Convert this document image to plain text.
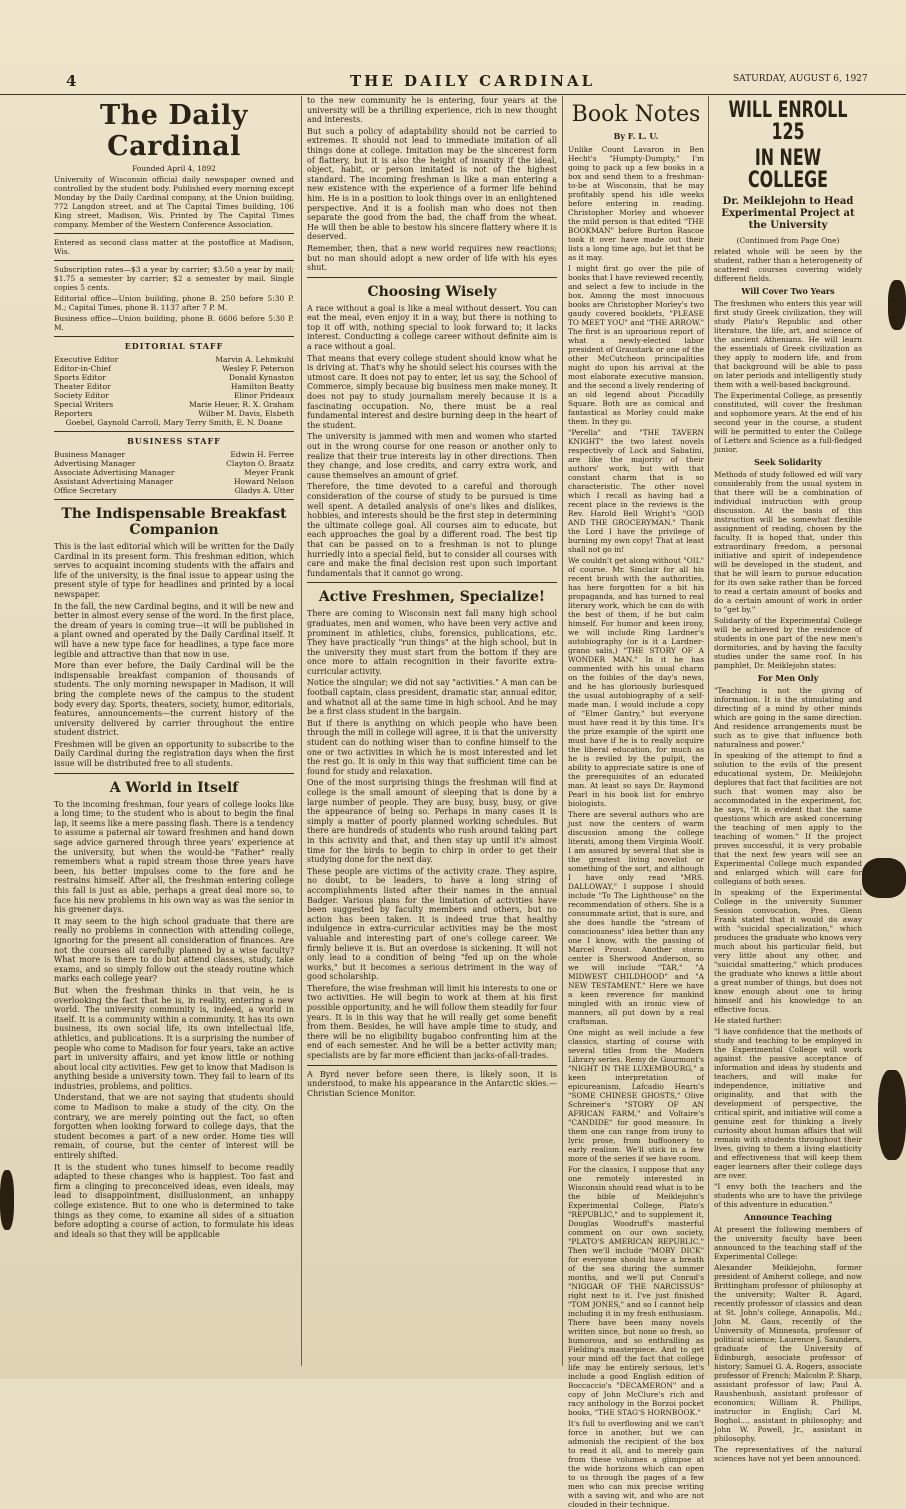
4	THE DAILY CARDINAL	SATURDAY, AUGUST 6, 1927
The Daily Cardinal

Founded April 4, 1892

University of Wisconsin official daily newspaper owned and controlled by the student body. Published every morning except Monday by the Daily Cardinal company, at the Union building, 772 Langdon street, and at The Capital Times building, 106 King street, Madison, Wis. Printed by The Capital Times company. Member of the Western Conference Association.

Entered as second class matter at the postoffice at Madison, Wis.

Subscription rates—$3 a year by carrier; $3.50 a year by mail; $1.75 a semester by carrier; $2 a semester by mail. Single copies 5 cents.

Editorial office—Union building, phone B. 250 before 5:30 P. M.; Capital Times, phone B. 1137 after 7 P. M.

Business office—Union building, phone B. 6606 before 5:30 P. M.

EDITORIAL STAFF
Executive Editor	Marvin A. Lehmkuhl
Editor-in-Chief	Wesley F. Peterson
Sports Editor	Donald Kynaston
Theater Editor	Hamilton Beatty
Society Editor	Elinor Prideaux
Special Writers	Marie Heuer, R. X. Graham
Reporters	Wilber M. Davis, Elsbeth
Goebel, Gaynold Carroll, Mary Terry Smith, E. N. Doane
BUSINESS STAFF
Business Manager	Edwin H. Ferree
Advertising Manager	Clayton O. Braatz
Associate Advertising Manager	Meyer Frank
Assistant Advertising Manager	Howard Nelson
Office Secretary	Gladys A. Utter
The Indispensable Breakfast Companion

This is the last editorial which will be written for the Daily Cardinal in its present form. This freshman edition, which serves to acquaint incoming students with the affairs and life of the university, is the final issue to appear using the present style of type for headlines and printed by a local newspaper.

In the fall, the new Cardinal begins, and it will be new and better in almost every sense of the word. In the first place, the dream of years is coming true—it will be published in a plant owned and operated by the Daily Cardinal itself. It will have a new type face for headlines, a type face more legible and attractive than that now in use.

More than ever before, the Daily Cardinal will be the indispensable breakfast companion of thousands of students. The only morning newspaper in Madison, it will bring the complete news of the campus to the student body every day. Sports, theaters, society, humor, editorials, features, announcements—the current history of the university delivered by carrier throughout the entire student district.

Freshmen will be given an opportunity to subscribe to the Daily Cardinal during the registration days when the first issue will be distributed free to all students.

A World in Itself

To the incoming freshman, four years of college looks like a long time; to the student who is about to begin the final lap, it seems like a mere passing flash. There is a tendency to assume a paternal air toward freshmen and hand down sage advice garnered through three years' experience at the university, but when the would-be "Father" really remembers what a rapid stream those three years have been, his better impulses come to the fore and he restrains himself. After all, the freshman entering college this fall is just as able, perhaps a great deal more so, to face his new problems in his own way as was the senior in his greener days.

It may seem to the high school graduate that there are really no problems in connection with attending college, ignoring for the present all consideration of finances. Are not the courses all carefully planned by a wise faculty? What more is there to do but attend classes, study, take exams, and so simply follow out the steady routine which marks each college year?

But when the freshman thinks in that vein, he is overlooking the fact that he is, in reality, entering a new world. The university community is, indeed, a world in itself. It is a community within a community. It has its own business, its own social life, its own intellectual life, athletics, and publications. It is a surprising the number of people who come to Madison for four years, take an active part in university affairs, and yet know little or nothing about local city activities. Few get to know that Madison is anything beside a university town. They fail to learn of its industries, problems, and politics.

Understand, that we are not saying that students should come to Madison to make a study of the city. On the contrary, we are merely pointing out the fact, so often forgotten when looking forward to college days, that the student becomes a part of a new order. Home ties will remain, of course, but the center of interest will be entirely shifted.

It is the student who tunes himself to become readily adapted to these changes who is happiest. Too fast and firm a clinging to preconceived ideas, even ideals, may lead to disappointment, disillusionment, an unhappy college existence. But to one who is determined to take things as they come, to examine all sides of a situation before adopting a course of action, to formulate his ideas and ideals so that they will be applicable

to the new community he is entering, four years at the university will be a thrilling experience, rich in new thought and interests.

But such a policy of adaptability should not be carried to extremes. It should not lead to immediate imitation of all things done at college. Imitation may be the sincerest form of flattery, but it is also the height of insanity if the ideal, object, habit, or person imitated is not of the highest standard. The incoming freshman is like a man entering a new existence with the experience of a former life behind him. He is in a position to look things over in an enlightened perspective. And it is a foolish man who does not then separate the good from the bad, the chaff from the wheat. He will then be able to bestow his sincere flattery where it is deserved.

Remember, then, that a new world requires new reactions; but no man should adopt a new order of life with his eyes shut.

Choosing Wisely

A race without a goal is like a meal without dessert. You can eat the meal, even enjoy it in a way, but there is nothing to top it off with, nothing special to look forward to; it lacks interest. Conducting a college career without definite aim is a race without a goal.

That means that every college student should know what he is driving at. That's why he should select his courses with the utmost care. It does not pay to enter, let us say, the School of Commerce, simply because big business men make money. It does not pay to study journalism merely because it is a fascinating occupation. No, there must be a real fundamental interest and desire burning deep in the heart of the student.

The university is jammed with men and women who started out in the wrong course for one reason or another only to realize that their true interests lay in other directions. Then they change, and lose credits, and carry extra work, and cause themselves an amount of grief.

Therefore, the time devoted to a careful and thorough consideration of the course of study to be pursued is time well spent. A detailed analysis of one's likes and dislikes, hobbies, and interests should be the first step in determining the ultimate college goal. All courses aim to educate, but each approaches the goal by a different road. The best tip that can be passed on to a freshman is not to plunge hurriedly into a special field, but to consider all courses with care and make the final decision rest upon such important fundamentals that it cannot go wrong.

Active Freshmen, Specialize!

There are coming to Wisconsin next fall many high school graduates, men and women, who have been very active and prominent in athletics, clubs, forensics, publications, etc. They have practically "run things" at the high school, but in the university they must start from the bottom if they are once more to attain recognition in their favorite extra-curricular activity.

Notice the singular; we did not say "activities." A man can be football captain, class president, dramatic star, annual editor, and whatnot all at the same time in high school. And he may be a first class student in the bargain.

But if there is anything on which people who have been through the mill in college will agree, it is that the university student can do nothing wiser than to confine himself to the one or two activities in which he is most interested and let the rest go. It is only in this way that sufficient time can be found for study and relaxation.

One of the most surprising things the freshman will find at college is the small amount of sleeping that is done by a large number of people. They are busy, busy, busy, or give the appearance of being so. Perhaps in many cases it is simply a matter of poorly planned working schedules. But there are hundreds of students who rush around taking part in this activity and that, and then stay up until it's almost time for the birds to begin to chirp in order to get their studying done for the next day.

These people are victims of the activity craze. They aspire, no doubt, to be leaders, to have a long string of accomplishments listed after their names in the annual Badger. Various plans for the limitation of activities have been suggested by faculty members and others, but no action has been taken. It is indeed true that healthy indulgence in extra-curricular activities may be the most valuable and interesting part of one's college career. We firmly believe it is. But an overdose is sickening. It will not only lead to a condition of being "fed up on the whole works," but it becomes a serious detriment in the way of good scholarship.

Therefore, the wise freshman will limit his interests to one or two activities. He will begin to work at them at his first possible opportunity, and he will follow them steadily for four years. It is in this way that he will really get some benefit from them. Besides, he will have ample time to study, and there will be no eligibility bugaboo confronting him at the end of each semester. And he will be a better activity man; specialists are by far more efficient than jacks-of-all-trades.

A Byrd never before seen there, is likely soon, it is understood, to make his appearance in the Antarctic skies.—Christian Science Monitor.

Book Notes
By F. L. U.

Unlike Count Lavaron in Ben Hecht's "Humpty-Dumpty," I'm going to pack up a few books in a box and send them to a freshman-to-be at Wisconsin, that he may profitably spend his idle weeks before entering in reading. Christopher Morley and whoever the mild person is that edited "THE BOOKMAN" before Burton Rascoe took it over have made out their lists a long time ago, but let that be as it may.

I might first go over the pile of books that I have reviewed recently, and select a few to include in the box. Among the most innocuous books are Christopher Morley's two gaudy covered booklets, "PLEASE TO MEET YOU" and "THE ARROW." The first is an uproarious report of what a newly-elected labor president of Graustark or one of the other McCutcheon principalities might do upon his arrival at the most elaborate executive mansion, and the second a lively rendering of an old legend about Piccadilly Square. Both are as comical and fantastical as Morley could make them. In they go.

"Perella" and "THE TAVERN KNIGHT" the two latest novels respectively of Lock and Sabatini, are like the majority of their authors' work, but with that constant charm that is so characteristic. The other novel which I recall as having had a recent place in the reviews is the Rev. Harold Bell Wright's "GOD AND THE GROCERYMAN." Thank the Lord I have the privilege of burning my own copy! That at least shall not go in!

We couldn't get along without "OIL" of course. Mr. Sinclair for all his recent brush with the authorities, has here forgotten for a bit his propaganda, and has turned to real literary work, which he can do with the best of them, if he but calm himself. For humor and keen irony, we will include Ring Lardner's autobiography (or is it a Lardner-grano salis,) "THE STORY OF A WONDER MAN." In it he has commented with his usual charm on the foibles of the day's news, and he has gloriously burlesqued the usual autobiography of a self-made man. I would include a copy of "Elmer Gantry," but everyone must have read it by this time. It's the prize example of the spirit one must have if he is to really acquire the liberal education, for much as he is reviled by the pulpit, the ability to appreciate satire is one of the prerequisites of an educated man. At least so says Dr. Raymond Pearl in his book list for embryo biologists.

There are several authors who are just now the centers of warm discussion among the college literati, among them Virginia Woolf. I am assured by several that she is the greatest living novelist or something of the sort, and although I have only read "MRS. DALLOWAY," I suppose I should include "To The Lighthouse" on the recommendation of others. She is a consummate artist, that is sure, and she does handle the "stream of consciousness" idea better than any one I know, with the passing of Marcel Proust. Another storm center is Sherwood Anderson, so we will include "TAR," "A MIDWEST CHILDHOOD" and "A NEW TESTAMENT." Here we have a keen reverence for mankind mingled with an ironic view of manners, all put down by a real craftsman.

One might as well include a few classics, starting of course with several titles from the Modern Library series. Remy de Gourmont's "NIGHT IN THE LUXEMBOURG," a keen interpretation of epicureanism, Lafcadio Hearn's "SOME CHINESE GHOSTS," Olive Schreiner's "STORY OF AN AFRICAN FARM," and Voltaire's "CANDIDE" for good measure. In them one can range from irony to lyric prose, from buffoonery to early realism. We'll stick in a few more of the series if we have room.

For the classics, I suppose that any one remotely interested in Wisconsin should read what is to be the bible of Meiklejohn's Experimental College, Plato's "REPUBLIC," and to supplement it, Douglas Woodruff's masterful comment on our own society, "PLATO'S AMERICAN REPUBLIC." Then we'll include "MOBY DICK" for everyone should have a breath of the sea during the summer months, and we'll put Conrad's "NIGGAR OF THE NARCISSUS" right next to it. I've just finished "TOM JONES," and so I cannot help including it in my fresh enthusiasm. There have been many novels written since, but none so fresh, so humorous, and so enthralling as Fielding's masterpiece. And to get your mind off the fact that college life may be entirely serious, let's include a good English edition of Boccaccio's "DECAMERON" and a copy of John McClure's rich and racy anthology in the Borzoi pocket books, "THE STAG'S HORNBOOK."

It's full to overflowing and we can't force in another, but we can admonish the recipient of the box to read it all, and to merely gain from these volumes a glimpse at the wide horizons which can open to us through the pages of a few men who can mix precise writing with a saving wit, and who are not clouded in their technique.

WILL ENROLL 125
IN NEW COLLEGE
Dr. Meiklejohn to Head Experimental Project at the University

(Continued from Page One)

related whole will be seen by the student, rather than a heterogeneity of scattered courses covering widely different fields.

Will Cover Two Years

The freshmen who enters this year will first study Greek civilization, they will study Plato's Republic and other literature, the life, art, and science of the ancient Athenians. He will learn the essentials of Greek civilization as they apply to modern life, and from that background will be able to pass on later periods and intelligently study them with a well-based background.

The Experimental College, as presently constituted, will cover the freshman and sophomore years. At the end of his second year in the course, a student will be permitted to enter the College of Letters and Science as a full-fledged junior.

Seek Solidarity

Methods of study followed ed will vary considerably from the usual system in that there will be a combination of individual instruction with group discussion. At the basis of this instruction will be somewhat flexible assignment of reading, chosen by the faculty. It is hoped that, under this extraordinary freedom, a personal initiative and spirit of independence will be developed in the student, and that he will learn to pursue education for its own sake rather than be forced to read a certain amount of books and do a certain amount of work in order to "get by."

Solidarity of the Experimental College will be achieved by the residence of students in one part of the new men's dormitories, and by having the faculty studies under the same roof. In his pamphlet, Dr. Meiklejohn states:

For Men Only

"Teaching is not the giving of information. It is the stimulating and directing of a mind by other minds which are going in the same direction. And residence arrangements must be such as to give that influence both naturalness and power."

In speaking of the attempt to find a solution to the evils of the present educational system, Dr. Meiklejohn deplores that fact that facilities are not such that women may also be accommodated in the experiment, for, he says, "It is evident that the same questions which are asked concerning the teaching of men apply to the teaching of women." If the project proves successful, it is very probable that the next few years will see an Experimental College much expanded and enlarged which will care for collegians of both sexes.

In speaking of the Experimental College in the university Summer Session convocation, Pres. Glenn Frank stated that it would do away with "suicidal specialization," which produces the graduate who knows very much about his particular field, but very little about any other, and "suicidal smattering," which produces the graduate who knows a little about a great number of things, but does not know enough about one to bring himself and his knowledge to an effective focus.

He stated further:

"I have confidence that the methods of study and teaching to be employed in the Experimental College will work against the passive acceptance of information and ideas by students and teachers, and will make for independence, initiative and originality, and that with the development of perspective, the critical spirit, and initiative will come a genuine zest for thinking a lively curiosity about human affairs that will remain with students throughout their lives, giving to them a living elasticity and effectiveness that will keep them eager learners after their college days are over.

"I envy both the teachers and the students who are to have the privilege of this adventure in education."

Announce Teaching

At present the following members of the university faculty have been announced to the teaching staff of the Experimental College:

Alexander Meiklejohn, former president of Amherst college, and now Brittingham professor of philosophy at the university; Walter R. Agard, recently professor of classics and dean at St. John's college, Annapolis, Md.; John M. Gaus, recently of the University of Minnesota, professor of political science; Laurence J. Saunders, graduate of the University of Edinburgh, associate professor of history; Samuel G. A. Rogers, associate professor of French; Malcolm P. Sharp, assistant professor of law; Paul A. Raushenbush, assistant professor of economics; William R. Phillips, instructor in English; Carl M. Boghol..., assistant in philosophy; and John W. Powell, Jr., assistant in philosophy.

The representatives of the natural sciences have not yet been announced.
